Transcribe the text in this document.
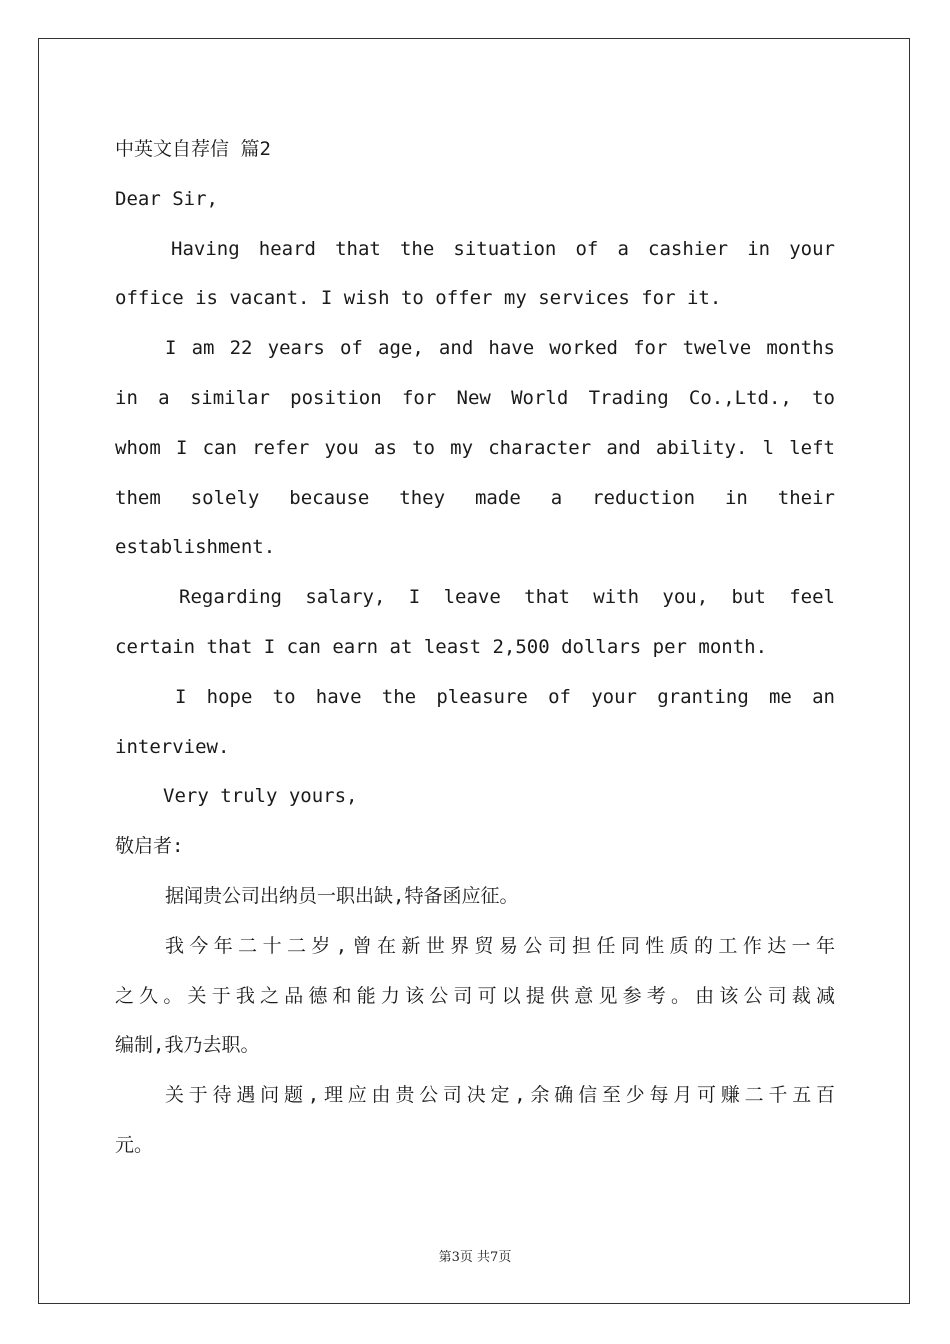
中英文自荐信 篇2
Dear Sir,
Having heard that the situation of a cashier in your
office is vacant. I wish to offer my services for it.
I am 22 years of age, and have worked for twelve months
in a similar position for New World Trading Co.,Ltd., to
whom I can refer you as to my character and ability. l left
them solely because they made a reduction in their
establishment.
Regarding salary, I leave that with you, but feel
certain that I can earn at least 2,500 dollars per month.
I hope to have the pleasure of your granting me an
interview.
Very truly yours,
敬启者:
据闻贵公司出纳员一职出缺,特备函应征。
我今年二十二岁,曾在新世界贸易公司担任同性质的工作达一年
之久。关于我之品德和能力该公司可以提供意见参考。由该公司裁减
编制,我乃去职。
关于待遇问题,理应由贵公司决定,余确信至少每月可赚二千五百
元。
第3页 共7页
